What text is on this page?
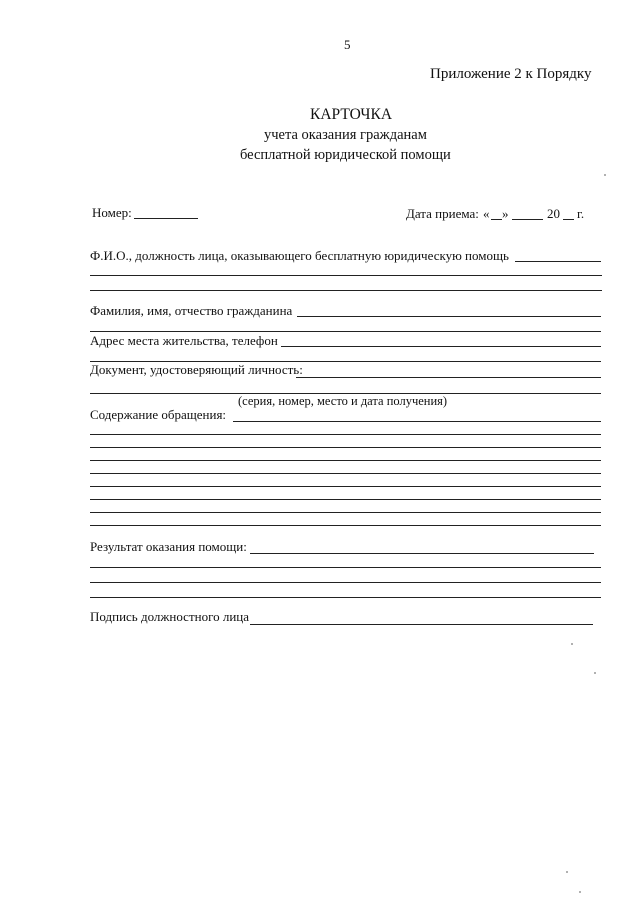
5
Приложение 2 к Порядку
КАРТОЧКА
учета оказания гражданам
бесплатной юридической помощи
Номер:	Дата приема: « »	20 г.
Ф.И.О., должность лица, оказывающего бесплатную юридическую помощь
Фамилия, имя, отчество гражданина
Адрес места жительства, телефон
Документ, удостоверяющий личность:
(серия, номер, место и дата получения)
Содержание обращения:
Результат оказания помощи:
Подпись должностного лица
